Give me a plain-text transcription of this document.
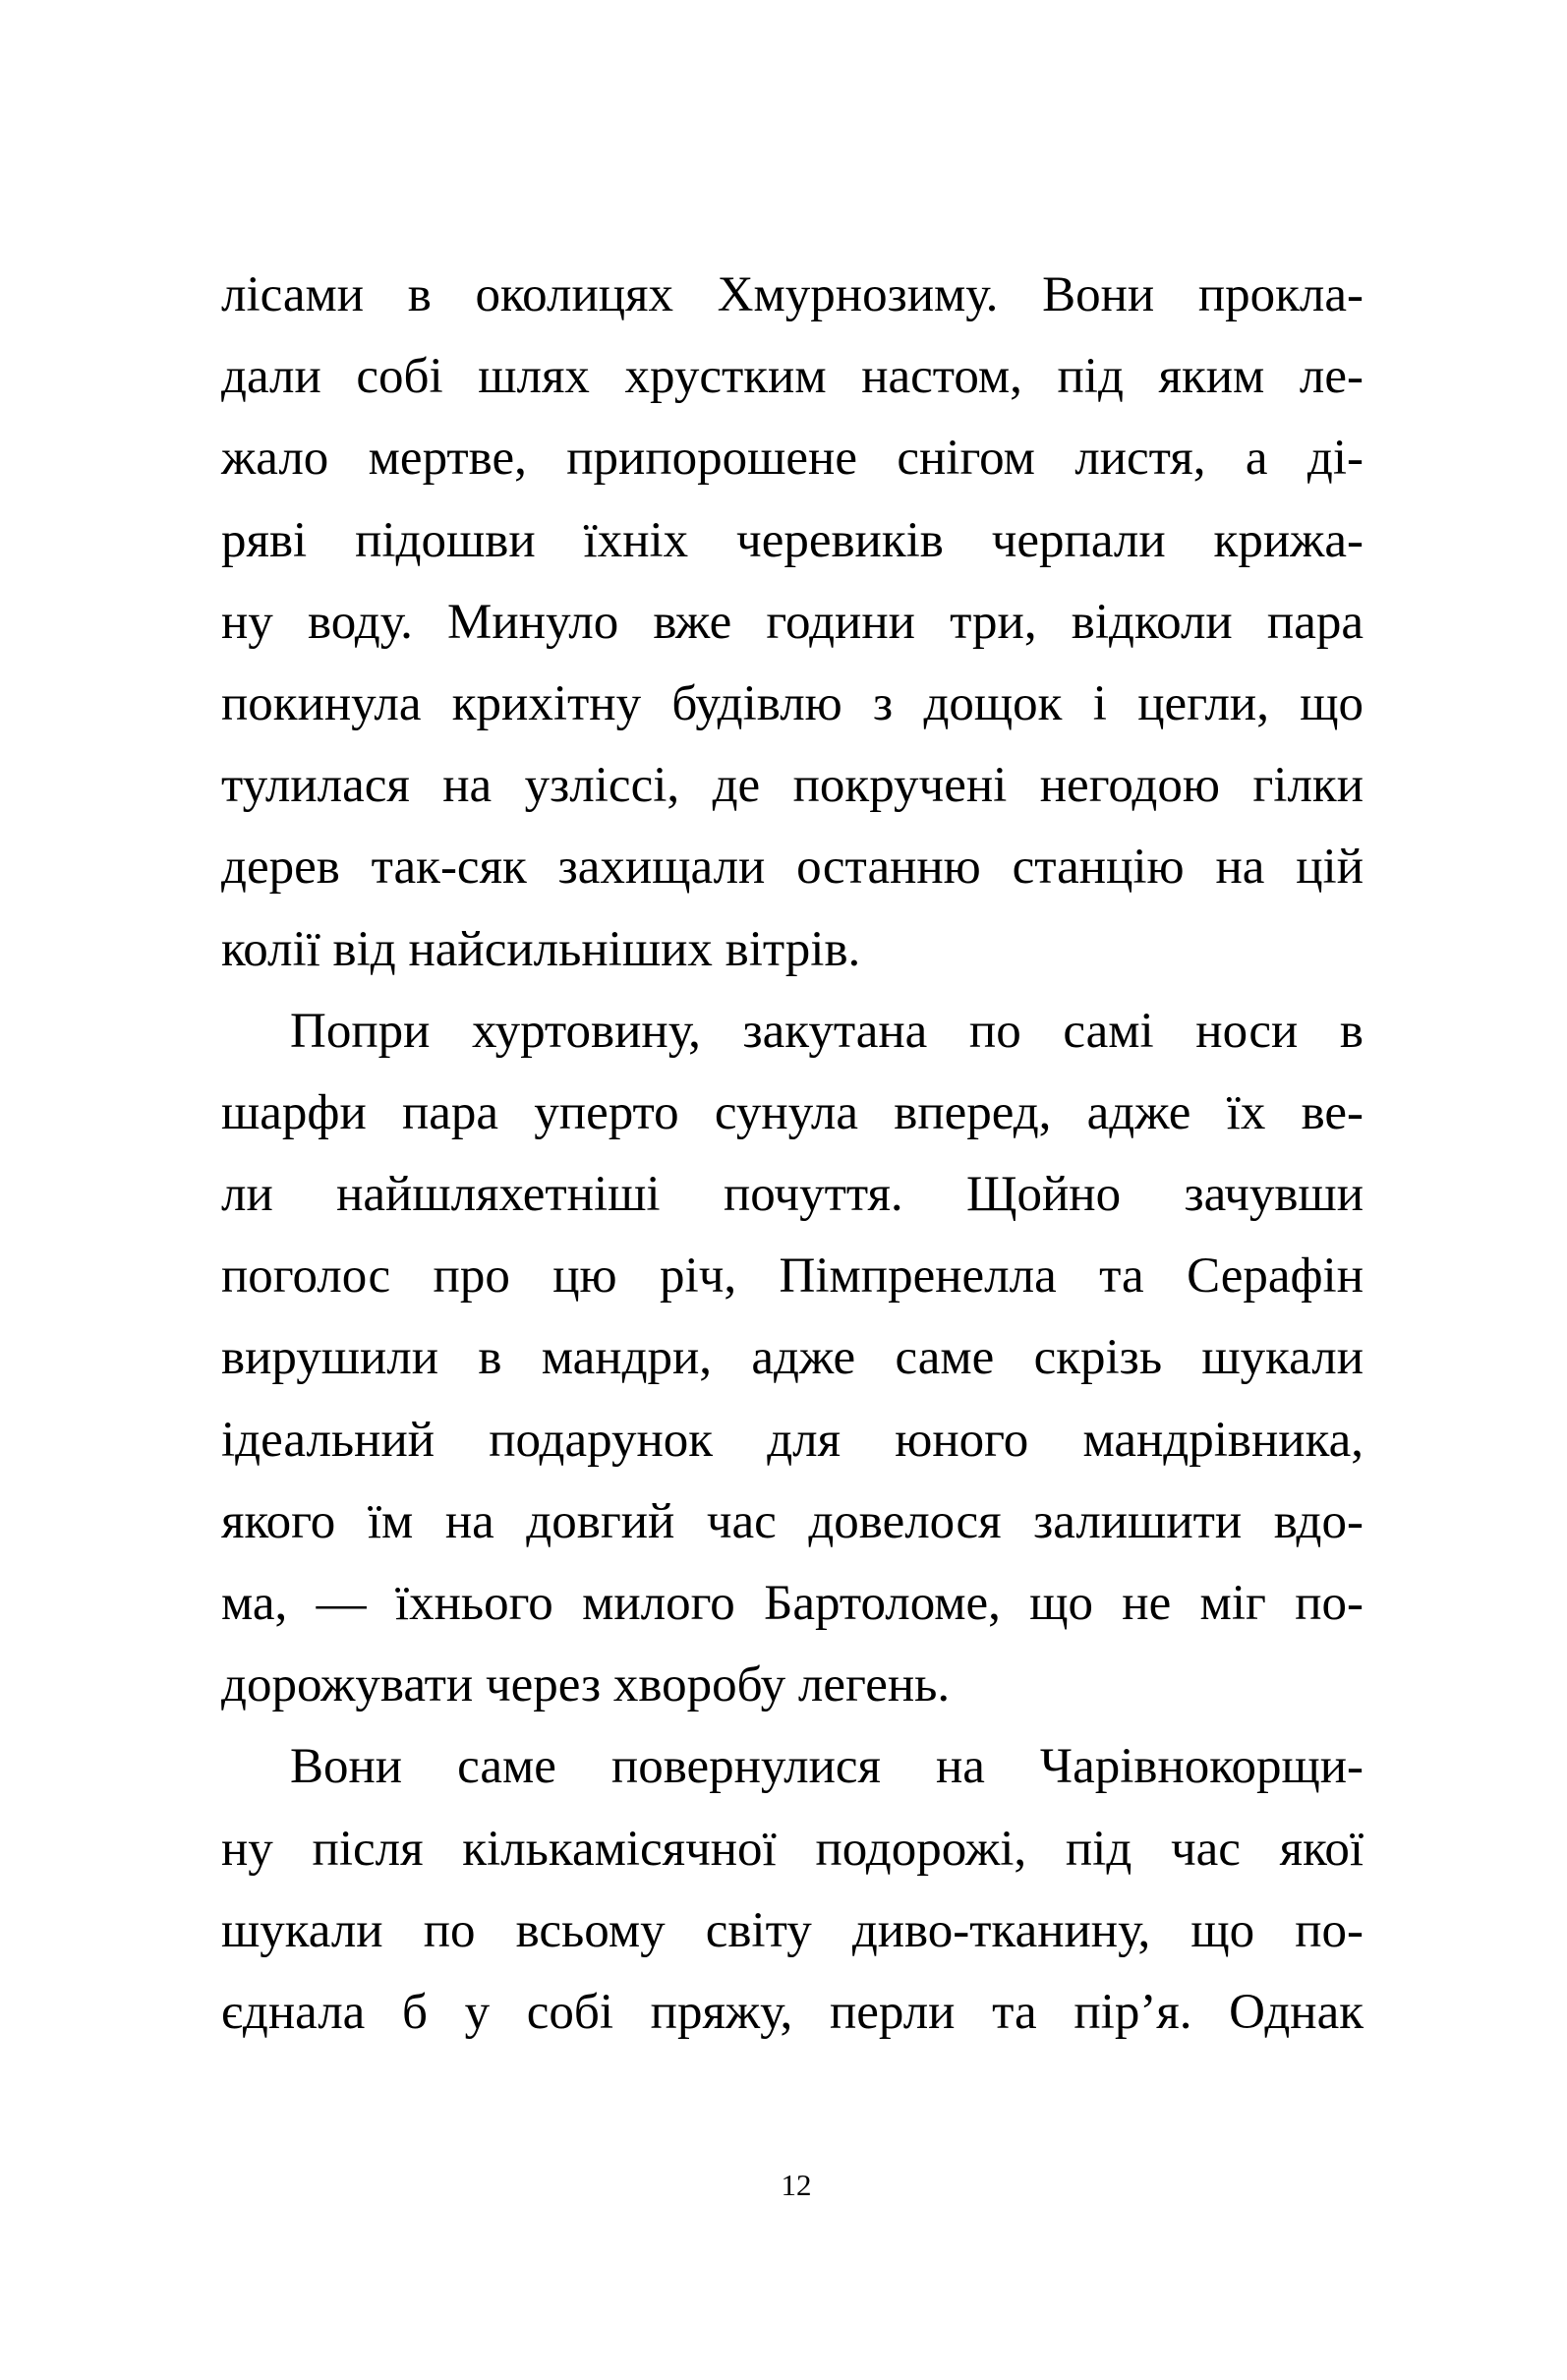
лісами в околицях Хмурнозиму. Вони прокла-
дали собі шлях хрустким настом, під яким ле-
жало мертве, припорошене снігом листя, а ді-
ряві підошви їхніх черевиків черпали крижа-
ну воду. Минуло вже години три, відколи пара
покинула крихітну будівлю з дощок і цегли, що
тулилася на узліссі, де покручені негодою гілки
дерев так-сяк захищали останню станцію на цій
колії від найсильніших вітрів.
Попри хуртовину, закутана по самі носи в
шарфи пара уперто сунула вперед, адже їх ве-
ли найшляхетніші почуття. Щойно зачувши
поголос про цю річ, Пімпренелла та Серафін
вирушили в мандри, адже саме скрізь шукали
ідеальний подарунок для юного мандрівника,
якого їм на довгий час довелося залишити вдо-
ма, — їхнього милого Бартоломе, що не міг по-
дорожувати через хворобу легень.
Вони саме повернулися на Чарівнокорщи-
ну після кількамісячної подорожі, під час якої
шукали по всьому світу диво-тканину, що по-
єднала б у собі пряжу, перли та пір’я. Однак
12
